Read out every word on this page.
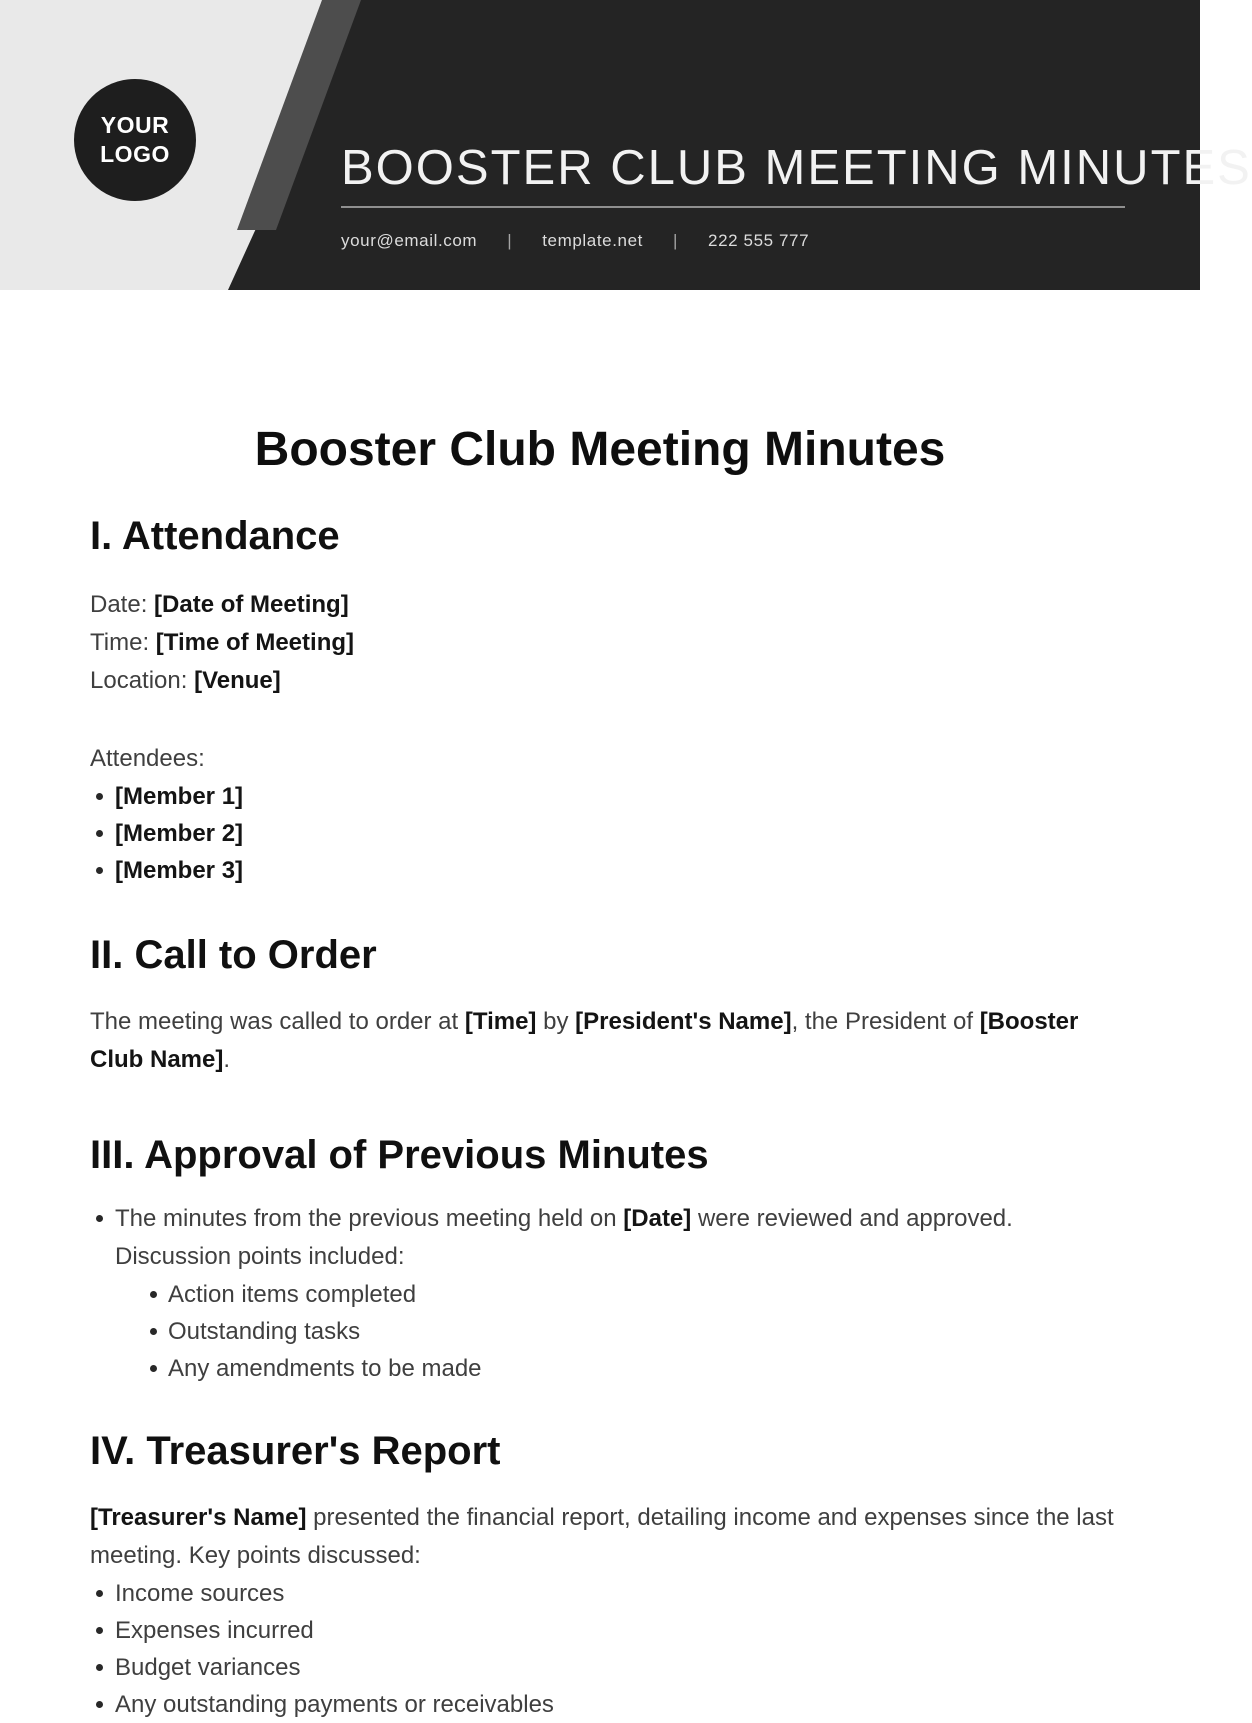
YOUR
LOGO	BOOSTER CLUB MEETING MINUTES
your@email.com | template.net | 222 555 777
Booster Club Meeting Minutes
I. Attendance
Date: [Date of Meeting]
Time: [Time of Meeting]
Location: [Venue]
Attendees:
[Member 1]
[Member 2]
[Member 3]
II. Call to Order

The meeting was called to order at [Time] by [President's Name], the President of [Booster Club Name].

III. Approval of Previous Minutes
The minutes from the previous meeting held on [Date] were reviewed and approved. Discussion points included:
Action items completed
Outstanding tasks
Any amendments to be made
IV. Treasurer's Report

[Treasurer's Name] presented the financial report, detailing income and expenses since the last meeting. Key points discussed:

Income sources
Expenses incurred
Budget variances
Any outstanding payments or receivables
